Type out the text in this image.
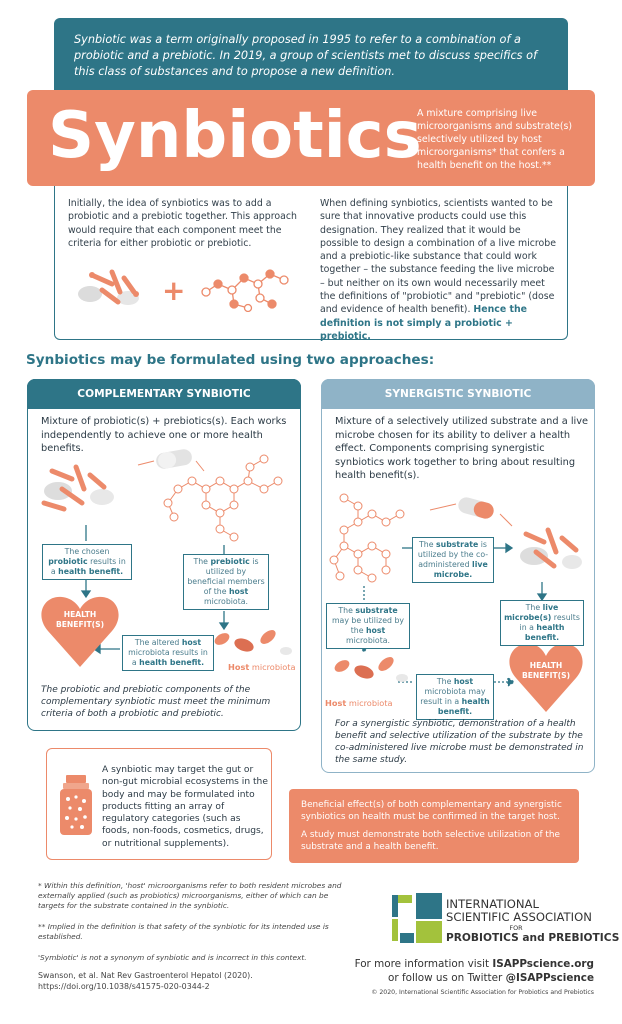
Synbiotic was a term originally proposed in 1995 to refer to a combination of a probiotic and a prebiotic. In 2019, a group of scientists met to discuss specifics of this class of substances and to propose a new definition.
Synbiotics
A mixture comprising live microorganisms and substrate(s) selectively utilized by host microorganisms* that confers a health benefit on the host.**
Initially, the idea of synbiotics was to add a probiotic and a prebiotic together. This approach would require that each component meet the criteria for either probiotic or prebiotic.
When defining synbiotics, scientists wanted to be sure that innovative products could use this designation. They realized that it would be possible to design a combination of a live microbe and a prebiotic-like substance that could work together – the substance feeding the live microbe – but neither on its own would necessarily meet the definitions of "probiotic" and "prebiotic" (dose and evidence of health benefit). Hence the definition is not simply a probiotic + prebiotic.
+
Synbiotics may be formulated using two approaches:
COMPLEMENTARY SYNBIOTIC
Mixture of probiotic(s) + prebiotics(s). Each works independently to achieve one or more health benefits.
The chosen probiotic results in a health benefit.
The prebiotic is utilized by beneficial members of the host microbiota.
The altered host microbiota results in a health benefit.
HEALTH BENEFIT(S)
Host microbiota
The probiotic and prebiotic components of the complementary synbiotic must meet the minimum criteria of both a probiotic and prebiotic.
SYNERGISTIC SYNBIOTIC
Mixture of a selectively utilized substrate and a live microbe chosen for its ability to deliver a health effect. Components comprising synergistic synbiotics work together to bring about resulting health benefit(s).
The substrate is utilized by the co-administered live microbe.
The substrate may be utilized by the host microbiota.
The live microbe(s) results in a health benefit.
The host microbiota may result in a health benefit.
HEALTH BENEFIT(S)
Host microbiota
For a synergistic synbiotic, demonstration of a health benefit and selective utilization of the substrate by the co-administered live microbe must be demonstrated in the same study.
A synbiotic may target the gut or non-gut microbial ecosystems in the body and may be formulated into products fitting an array of regulatory categories (such as foods, non-foods, cosmetics, drugs, or nutritional supplements).

Beneficial effect(s) of both complementary and synergistic synbiotics on health must be confirmed in the target host.

A study must demonstrate both selective utilization of the substrate and a health benefit.

* Within this definition, 'host' microorganisms refer to both resident microbes and externally applied (such as probiotics) microorganisms, either of which can be targets for the substrate contained in the synbiotic.
** Implied in the definition is that safety of the synbiotic for its intended use is established.
'Symbiotic' is not a synonym of synbiotic and is incorrect in this context.
Swanson, et al. Nat Rev Gastroenterol Hepatol (2020). https://doi.org/10.1038/s41575-020-0344-2
ISAPP
INTERNATIONAL
SCIENTIFIC ASSOCIATION
FOR
PROBIOTICS and PREBIOTICS
For more information visit ISAPPscience.org
or follow us on Twitter @ISAPPscience
© 2020, International Scientific Association for Probiotics and Prebiotics
